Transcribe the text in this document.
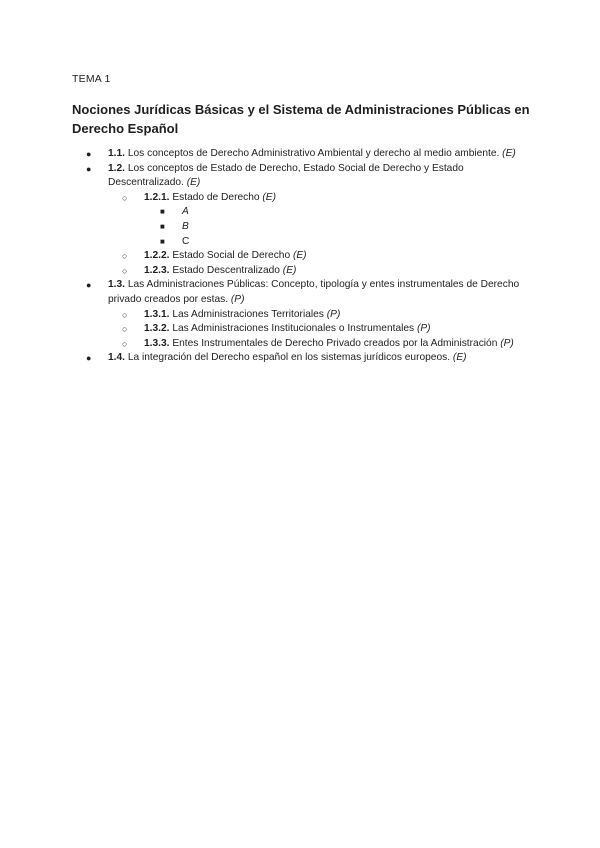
TEMA 1
Nociones Jurídicas Básicas y el Sistema de Administraciones Públicas en Derecho Español
●	1.1. Los conceptos de Derecho Administrativo Ambiental y derecho al medio ambiente. (E)
●	1.2. Los conceptos de Estado de Derecho, Estado Social de Derecho y Estado Descentralizado. (E)
○	1.2.1. Estado de Derecho (E)
■	A
■	B
■	C
○	1.2.2. Estado Social de Derecho (E)
○	1.2.3. Estado Descentralizado (E)
●	1.3. Las Administraciones Públicas: Concepto, tipología y entes instrumentales de Derecho privado creados por estas. (P)
○	1.3.1. Las Administraciones Territoriales (P)
○	1.3.2. Las Administraciones Institucionales o Instrumentales (P)
○	1.3.3. Entes Instrumentales de Derecho Privado creados por la Administración (P)
●	1.4. La integración del Derecho español en los sistemas jurídicos europeos. (E)
